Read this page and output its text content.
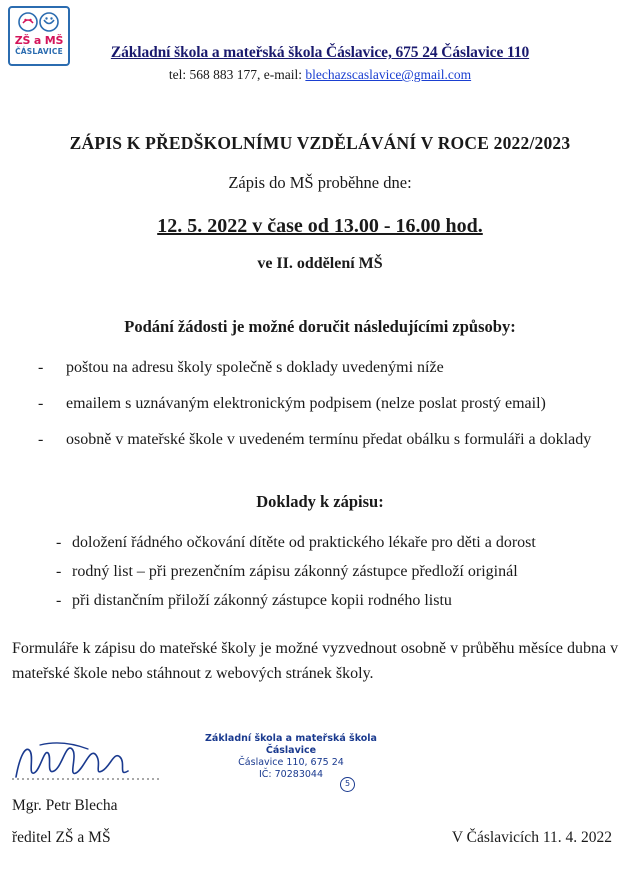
ZŠ a MŠ
ČÁSLAVICE	Základní škola a mateřská škola Čáslavice, 675 24 Čáslavice 110
tel: 568 883 177, e-mail: blechazscaslavice@gmail.com
ZÁPIS K PŘEDŠKOLNÍMU VZDĚLÁVÁNÍ V ROCE 2022/2023
Zápis do MŠ proběhne dne:
12. 5. 2022 v čase od 13.00 - 16.00 hod.
ve II. oddělení MŠ
Podání žádosti je možné doručit následujícími způsoby:
- poštou na adresu školy společně s doklady uvedenými níže
- emailem s uznávaným elektronickým podpisem (nelze poslat prostý email)
- osobně v mateřské škole v uvedeném termínu předat obálku s formuláři a doklady
Doklady k zápisu:
- doložení řádného očkování dítěte od praktického lékaře pro děti a dorost
- rodný list – při prezenčním zápisu zákonný zástupce předloží originál
- při distančním přiloží zákonný zástupce kopii rodného listu
Formuláře k zápisu do mateřské školy je možné vyzvednout osobně v průběhu měsíce dubna v mateřské škole nebo stáhnout z webových stránek školy.
Základní škola a mateřská škola
Čáslavice
Čáslavice 110, 675 24
IČ: 70283044
5
Mgr. Petr Blecha
ředitel ZŠ a MŠ	V Čáslavicích 11. 4. 2022
